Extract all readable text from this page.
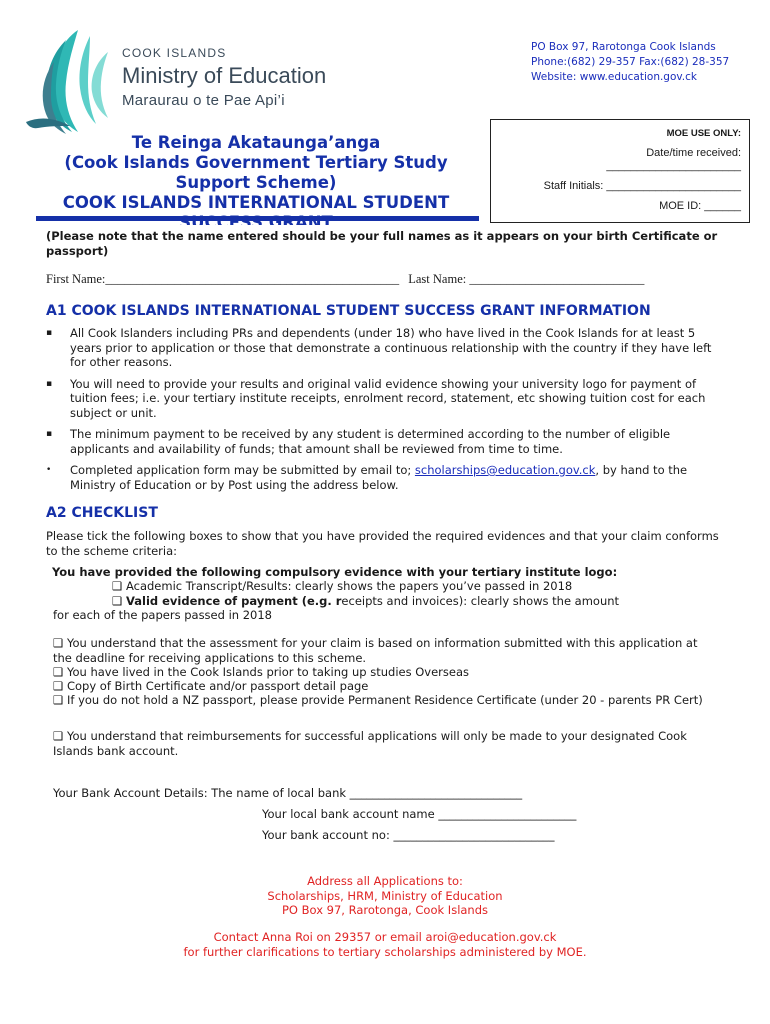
COOK ISLANDS
Ministry of Education
Maraurau o te Pae Api’i
PO Box 97, Rarotonga Cook Islands
Phone:(682) 29-357 Fax:(682) 28-357
Website: www.education.gov.ck
Te Reinga Akataunga’anga
(Cook Islands Government Tertiary Study
Support Scheme)
COOK ISLANDS INTERNATIONAL STUDENT
MOE USE ONLY:
Date/time received:
______________________
Staff Initials: ______________________
MOE ID: ______
(Please note that the name entered should be your full names as it appears on your birth Certificate or passport)
First Name:_______________________________________________ Last Name: ____________________________
A1 COOK ISLANDS INTERNATIONAL STUDENT SUCCESS GRANT INFORMATION
▪ All Cook Islanders including PRs and dependents (under 18) who have lived in the Cook Islands for at least 5 years prior to application or those that demonstrate a continuous relationship with the country if they have left for other reasons.
▪ You will need to provide your results and original valid evidence showing your university logo for payment of tuition fees; i.e. your tertiary institute receipts, enrolment record, statement, etc showing tuition cost for each subject or unit.
▪ The minimum payment to be received by any student is determined according to the number of eligible applicants and availability of funds; that amount shall be reviewed from time to time.
• Completed application form may be submitted by email to; scholarships@education.gov.ck, by hand to the Ministry of Education or by Post using the address below.
A2 CHECKLIST
Please tick the following boxes to show that you have provided the required evidences and that your claim conforms to the scheme criteria:
You have provided the following compulsory evidence with your tertiary institute logo:
❑ Academic Transcript/Results: clearly shows the papers you’ve passed in 2018
❑ Valid evidence of payment (e.g. receipts and invoices): clearly shows the amount
for each of the papers passed in 2018
❑ You understand that the assessment for your claim is based on information submitted with this application at the deadline for receiving applications to this scheme.
❑ You have lived in the Cook Islands prior to taking up studies Overseas
❑ Copy of Birth Certificate and/or passport detail page
❑ If you do not hold a NZ passport, please provide Permanent Residence Certificate (under 20 - parents PR Cert)
❑ You understand that reimbursements for successful applications will only be made to your designated Cook Islands bank account.
Your Bank Account Details: The name of local bank ______________________________
Your local bank account name ________________________
Your bank account no: ____________________________
Address all Applications to:
Scholarships, HRM, Ministry of Education
PO Box 97, Rarotonga, Cook Islands
Contact Anna Roi on 29357 or email aroi@education.gov.ck
for further clarifications to tertiary scholarships administered by MOE.
